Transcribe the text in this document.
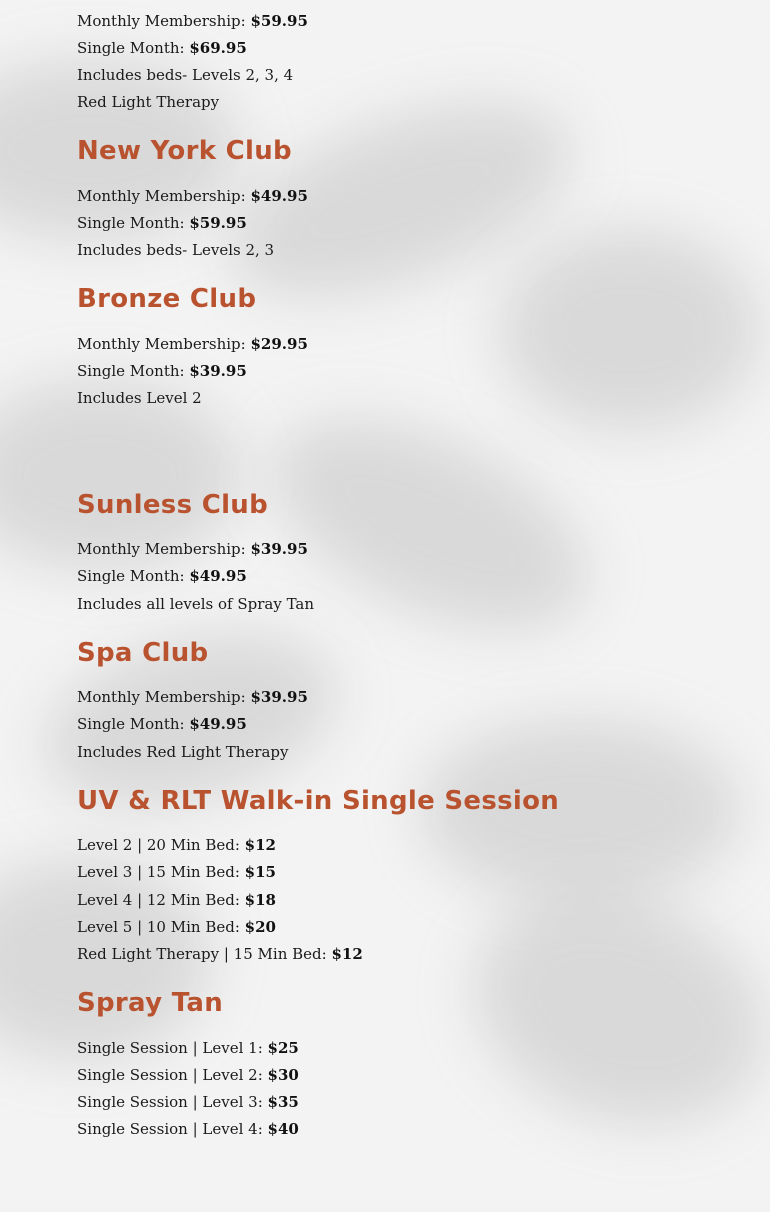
Monthly Membership: $59.95
Single Month: $69.95
Includes beds- Levels 2, 3, 4
Red Light Therapy
New York Club
Monthly Membership: $49.95
Single Month: $59.95
Includes beds- Levels 2, 3
Bronze Club
Monthly Membership: $29.95
Single Month: $39.95
Includes Level 2
Sunless Club
Monthly Membership: $39.95
Single Month: $49.95
Includes all levels of Spray Tan
Spa Club
Monthly Membership: $39.95
Single Month: $49.95
Includes Red Light Therapy
UV & RLT Walk-in Single Session
Level 2 | 20 Min Bed: $12
Level 3 | 15 Min Bed: $15
Level 4 | 12 Min Bed: $18
Level 5 | 10 Min Bed: $20
Red Light Therapy | 15 Min Bed: $12
Spray Tan
Single Session | Level 1: $25
Single Session | Level 2: $30
Single Session | Level 3: $35
Single Session | Level 4: $40
